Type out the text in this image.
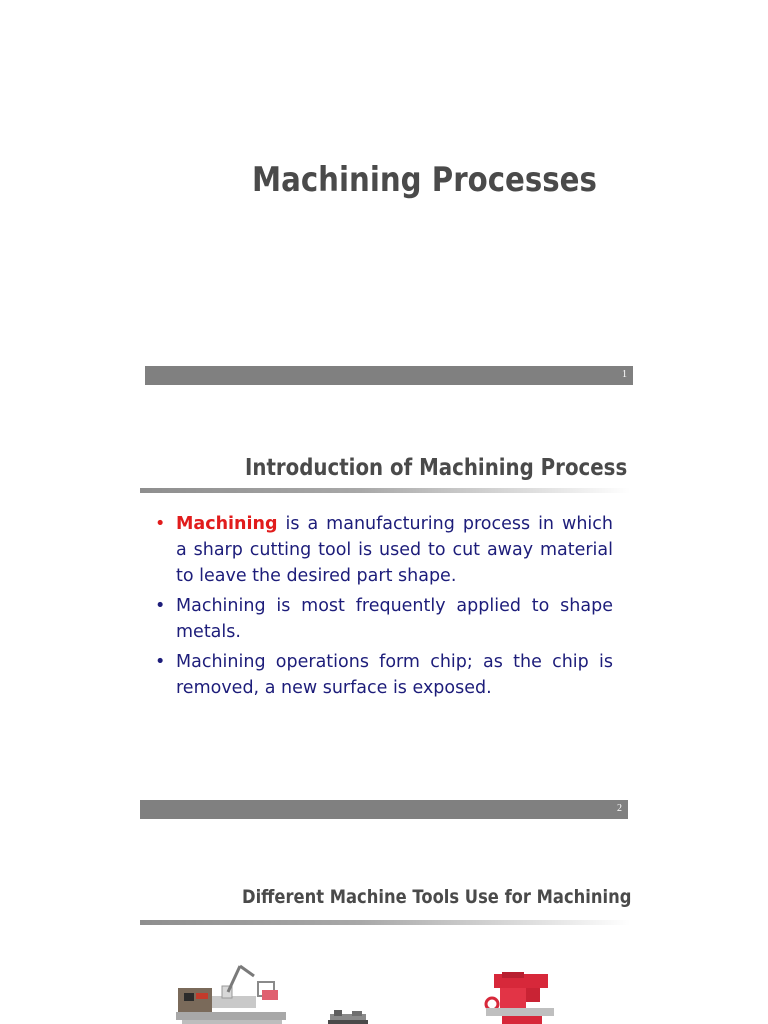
Machining Processes
1
Introduction of Machining Process
• Machining is a manufacturing process in which a sharp cutting tool is used to cut away material to leave the desired part shape.
• Machining is most frequently applied to shape metals.
• Machining operations form chip; as the chip is removed, a new surface is exposed.
2
Different Machine Tools Use for Machining
